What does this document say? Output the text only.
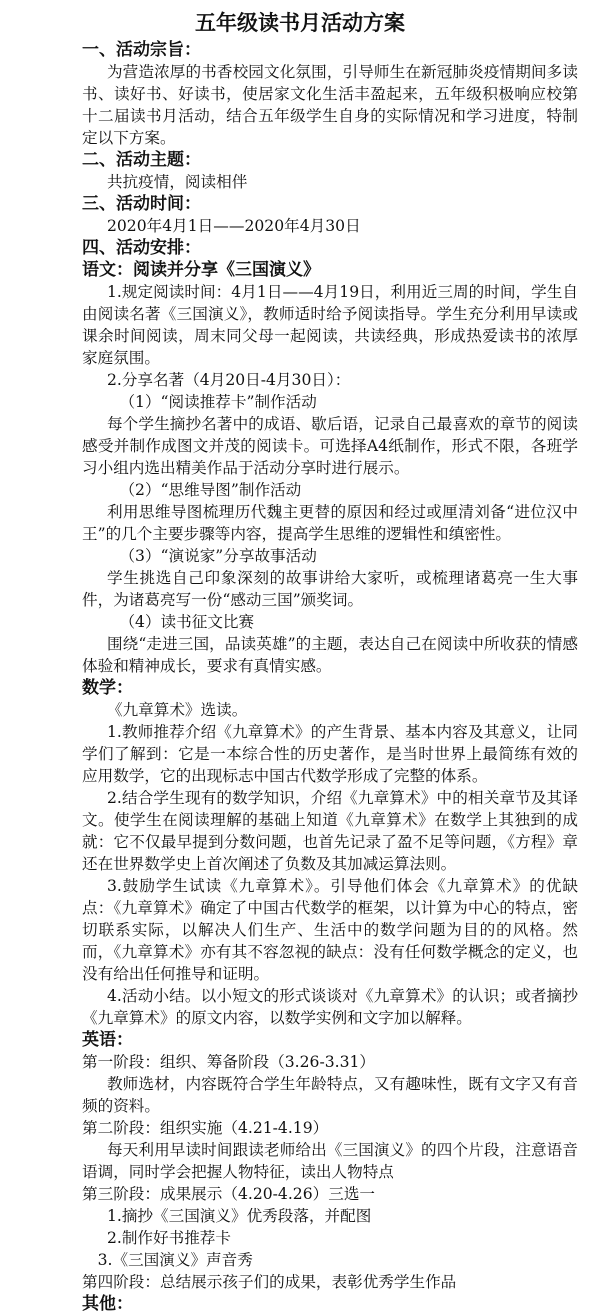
五年级读书月活动方案
一、活动宗旨：
为营造浓厚的书香校园文化氛围，引导师生在新冠肺炎疫情期间多读书、读好书、好读书，使居家文化生活丰盈起来，五年级积极响应校第十二届读书月活动，结合五年级学生自身的实际情况和学习进度，特制定以下方案。
二、活动主题：
共抗疫情，阅读相伴
三、活动时间：
2020年4月1日——2020年4月30日
四、活动安排：
语文：阅读并分享《三国演义》
1.规定阅读时间：4月1日——4月19日，利用近三周的时间，学生自由阅读名著《三国演义》，教师适时给予阅读指导。学生充分利用早读或课余时间阅读，周末同父母一起阅读，共读经典，形成热爱读书的浓厚家庭氛围。
2.分享名著（4月20日-4月30日）：
（1）“阅读推荐卡”制作活动
每个学生摘抄名著中的成语、歇后语，记录自己最喜欢的章节的阅读感受并制作成图文并茂的阅读卡。可选择A4纸制作，形式不限，各班学习小组内选出精美作品于活动分享时进行展示。
（2）“思维导图”制作活动
利用思维导图梳理历代魏主更替的原因和经过或厘清刘备“进位汉中王”的几个主要步骤等内容，提高学生思维的逻辑性和缜密性。
（3）“演说家”分享故事活动
学生挑选自己印象深刻的故事讲给大家听，或梳理诸葛亮一生大事件，为诸葛亮写一份“感动三国”颁奖词。
（4）读书征文比赛
围绕“走进三国，品读英雄”的主题，表达自己在阅读中所收获的情感体验和精神成长，要求有真情实感。
数学：
《九章算术》选读。
1.教师推荐介绍《九章算术》的产生背景、基本内容及其意义，让同学们了解到：它是一本综合性的历史著作，是当时世界上最简练有效的应用数学，它的出现标志中国古代数学形成了完整的体系。
2.结合学生现有的数学知识，介绍《九章算术》中的相关章节及其译文。使学生在阅读理解的基础上知道《九章算术》在数学上其独到的成就：它不仅最早提到分数问题，也首先记录了盈不足等问题，《方程》章还在世界数学史上首次阐述了负数及其加减运算法则。
3.鼓励学生试读《九章算术》。引导他们体会《九章算术》的优缺点：《九章算术》确定了中国古代数学的框架，以计算为中心的特点，密切联系实际，以解决人们生产、生活中的数学问题为目的的风格。然而，《九章算术》亦有其不容忽视的缺点：没有任何数学概念的定义，也没有给出任何推导和证明。
4.活动小结。以小短文的形式谈谈对《九章算术》的认识；或者摘抄《九章算术》的原文内容，以数学实例和文字加以解释。
英语：
第一阶段：组织、筹备阶段（3.26-3.31）
教师选材，内容既符合学生年龄特点，又有趣味性，既有文字又有音频的资料。
第二阶段：组织实施（4.21-4.19）
每天利用早读时间跟读老师给出《三国演义》的四个片段，注意语音语调，同时学会把握人物特征，读出人物特点
第三阶段：成果展示（4.20-4.26）三选一
1.摘抄《三国演义》优秀段落，并配图
2.制作好书推荐卡
3.《三国演义》声音秀
第四阶段：总结展示孩子们的成果，表彰优秀学生作品
其他：
